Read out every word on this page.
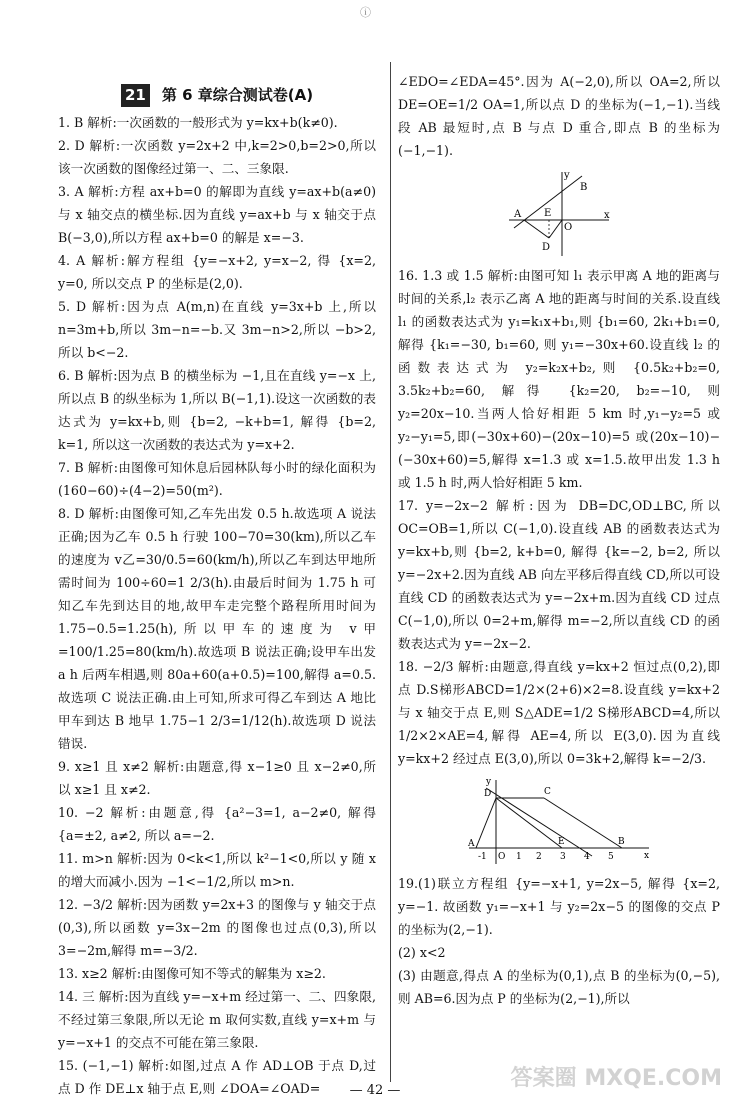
ⓘ
21 第 6 章综合测试卷(A)

1. B 解析:一次函数的一般形式为 y=kx+b(k≠0).

2. D 解析:一次函数 y=2x+2 中,k=2>0,b=2>0,所以该一次函数的图像经过第一、二、三象限.

3. A 解析:方程 ax+b=0 的解即为直线 y=ax+b(a≠0)与 x 轴交点的横坐标.因为直线 y=ax+b 与 x 轴交于点 B(−3,0),所以方程 ax+b=0 的解是 x=−3.

4. A 解析:解方程组 {y=−x+2, y=x−2, 得 {x=2, y=0, 所以交点 P 的坐标是(2,0).

5. D 解析:因为点 A(m,n)在直线 y=3x+b 上,所以 n=3m+b,所以 3m−n=−b.又 3m−n>2,所以 −b>2,所以 b<−2.

6. B 解析:因为点 B 的横坐标为 −1,且在直线 y=−x 上,所以点 B 的纵坐标为 1,所以 B(−1,1).设这一次函数的表达式为 y=kx+b,则 {b=2, −k+b=1, 解得 {b=2, k=1, 所以这一次函数的表达式为 y=x+2.

7. B 解析:由图像可知休息后园林队每小时的绿化面积为(160−60)÷(4−2)=50(m²).

8. D 解析:由图像可知,乙车先出发 0.5 h.故选项 A 说法正确;因为乙车 0.5 h 行驶 100−70=30(km),所以乙车的速度为 v乙=30/0.5=60(km/h),所以乙车到达甲地所需时间为 100÷60=1 2/3(h).由最后时间为 1.75 h 可知乙车先到达目的地,故甲车走完整个路程所用时间为 1.75−0.5=1.25(h),所以甲车的速度为 v甲=100/1.25=80(km/h).故选项 B 说法正确;设甲车出发 a h 后两车相遇,则 80a+60(a+0.5)=100,解得 a=0.5.故选项 C 说法正确.由上可知,所求可得乙车到达 A 地比甲车到达 B 地早 1.75−1 2/3=1/12(h).故选项 D 说法错误.

9. x≥1 且 x≠2 解析:由题意,得 x−1≥0 且 x−2≠0,所以 x≥1 且 x≠2.

10. −2 解析:由题意,得 {a²−3=1, a−2≠0, 解得 {a=±2, a≠2, 所以 a=−2.

11. m>n 解析:因为 0<k<1,所以 k²−1<0,所以 y 随 x 的增大而减小.因为 −1<−1/2,所以 m>n.

12. −3/2 解析:因为函数 y=2x+3 的图像与 y 轴交于点(0,3),所以函数 y=3x−2m 的图像也过点(0,3),所以 3=−2m,解得 m=−3/2.

13. x≥2 解析:由图像可知不等式的解集为 x≥2.

14. 三 解析:因为直线 y=−x+m 经过第一、二、四象限,不经过第三象限,所以无论 m 取何实数,直线 y=x+m 与 y=−x+1 的交点不可能在第三象限.

15. (−1,−1) 解析:如图,过点 A 作 AD⊥OB 于点 D,过点 D 作 DE⊥x 轴于点 E,则 ∠DOA=∠OAD=

∠EDO=∠EDA=45°.因为 A(−2,0),所以 OA=2,所以 DE=OE=1/2 OA=1,所以点 D 的坐标为(−1,−1).当线段 AB 最短时,点 B 与点 D 重合,即点 B 的坐标为(−1,−1).

y
x
A E
O
D
B

16. 1.3 或 1.5 解析:由图可知 l₁ 表示甲离 A 地的距离与时间的关系,l₂ 表示乙离 A 地的距离与时间的关系.设直线 l₁ 的函数表达式为 y₁=k₁x+b₁,则 {b₁=60, 2k₁+b₁=0, 解得 {k₁=−30, b₁=60, 则 y₁=−30x+60.设直线 l₂ 的函数表达式为 y₂=k₂x+b₂,则 {0.5k₂+b₂=0, 3.5k₂+b₂=60, 解得 {k₂=20, b₂=−10, 则 y₂=20x−10.当两人恰好相距 5 km 时,y₁−y₂=5 或 y₂−y₁=5,即(−30x+60)−(20x−10)=5 或(20x−10)−(−30x+60)=5,解得 x=1.3 或 x=1.5.故甲出发 1.3 h 或 1.5 h 时,两人恰好相距 5 km.

17. y=−2x−2 解析:因为 DB=DC,OD⊥BC,所以 OC=OB=1,所以 C(−1,0).设直线 AB 的函数表达式为 y=kx+b,则 {b=2, k+b=0, 解得 {k=−2, b=2, 所以 y=−2x+2.因为直线 AB 向左平移后得直线 CD,所以可设直线 CD 的函数表达式为 y=−2x+m.因为直线 CD 过点 C(−1,0),所以 0=2+m,解得 m=−2,所以直线 CD 的函数表达式为 y=−2x−2.

18. −2/3 解析:由题意,得直线 y=kx+2 恒过点(0,2),即点 D.S梯形ABCD=1/2×(2+6)×2=8.设直线 y=kx+2 与 x 轴交于点 E,则 S△ADE=1/2 S梯形ABCD=4,所以 1/2×2×AE=4,解得 AE=4,所以 E(3,0).因为直线 y=kx+2 经过点 E(3,0),所以 0=3k+2,解得 k=−2/3.

y
x
D	C
A	E	B
O
-1	1 2 3 4 5

19.(1)联立方程组 {y=−x+1, y=2x−5, 解得 {x=2, y=−1. 故函数 y₁=−x+1 与 y₂=2x−5 的图像的交点 P 的坐标为(2,−1).

(2) x<2

(3) 由题意,得点 A 的坐标为(0,1),点 B 的坐标为(0,−5),则 AB=6.因为点 P 的坐标为(2,−1),所以

— 42 —	答案圈 MXQE.COM
